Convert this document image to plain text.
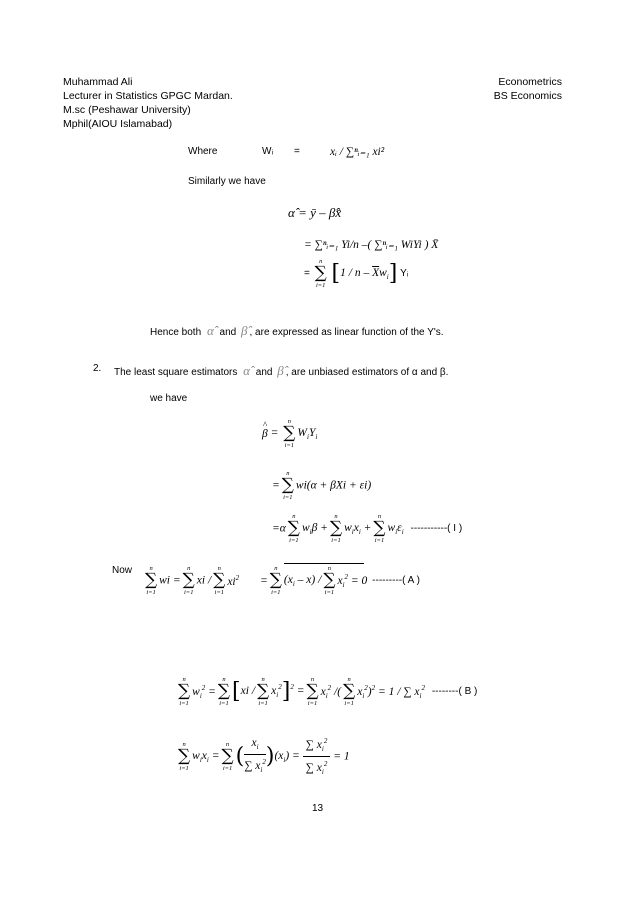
Muhammad Ali
Lecturer in Statistics GPGC Mardan.
M.sc (Peshawar University)
Mphil(AIOU Islamabad)
Econometrics
BS Economics
Where	Wᵢ =	xᵢ / ∑ⁿᵢ₌₁ xi²
Similarly we have
α̂ = ȳ – β̂x̄
= ∑ⁿᵢ₌₁ Yi/n –( ∑ⁿᵢ₌₁ WiYi ) X̄
=
n
∑
i=1 [1 / n – $\overline{X}w_i$] Yᵢ
Hence both α̂ and β̂ , are expressed as linear function of the Y's.
2. The least square estimators α̂ and β̂ , are unbiased estimators of α and β.
we have
^ β =
n
∑
i=1
$W_iY_i$
=
n
∑
i=1
wi(α + βXi + εi)
=α
n
∑
i=1
$w_i\beta$ +
n
∑
i=1
$w_ix_i$ +
n
∑
i=1
$w_i\varepsilon_i$ -----------( I )
Now	n
∑
i=1
wi =
n
∑
i=1
xi /
n
∑
i=1
$xi^2$ =
n
∑
i=1
$(x_i - x)$ /
n
∑
i=1
$x_i^2 = 0$ ---------( A )
n
∑
i=1
$w_i^2$ =
n
∑
i=1 [xi /
n
∑
i=1
$x_i^2]^2$ =
n
∑
i=1
$x_i^2$ /(
n
∑
i=1
$x_i^2)^2 = 1$ / ∑ $x_i^2$ --------( B )
n
∑
i=1
$w_ix_i$ =
n
∑
i=1 ( $\frac{x_i}{\sum x_i^2} )(x_i) = \frac{\sum x_i^2}{\sum x_i^2} = 1$
13
